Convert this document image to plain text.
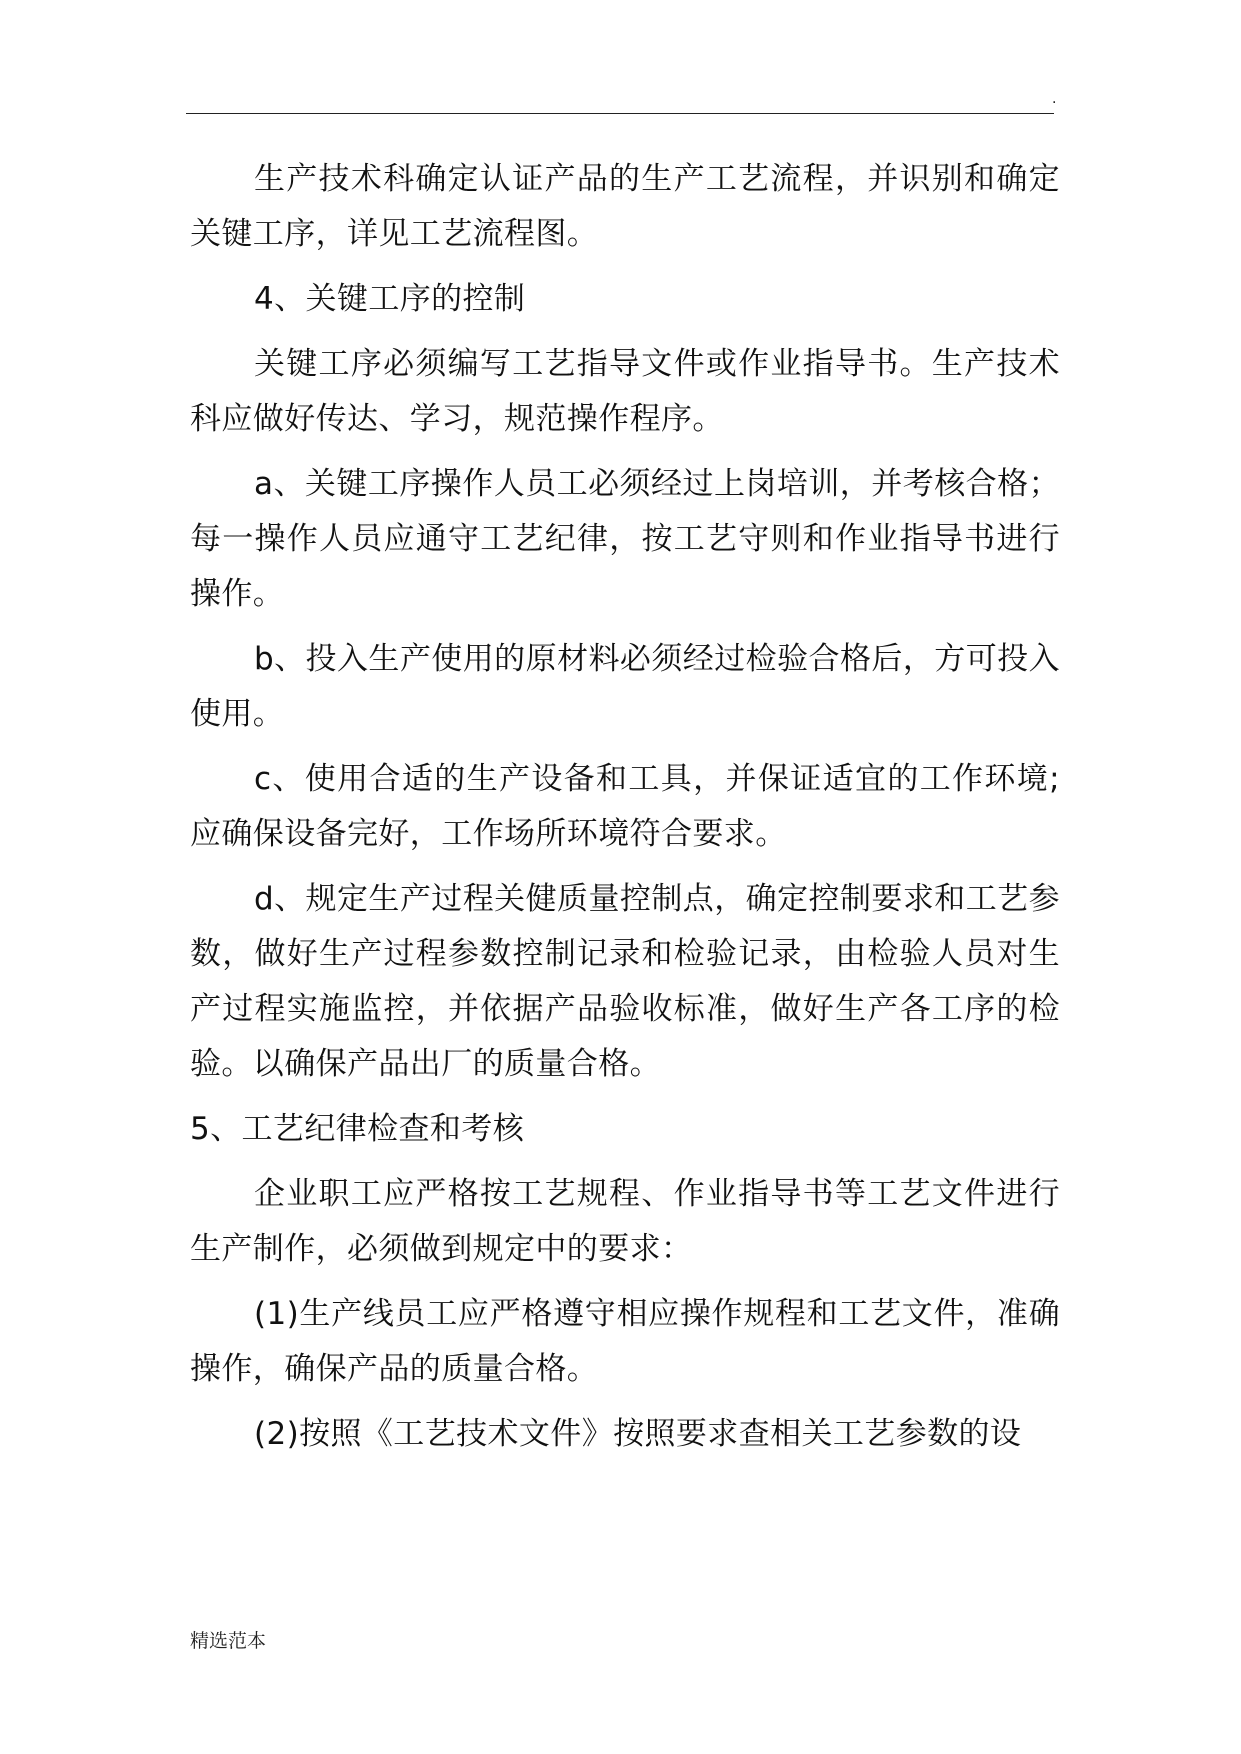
.

生产技术科确定认证产品的生产工艺流程，并识别和确定关键工序，详见工艺流程图。

4、关键工序的控制

关键工序必须编写工艺指导文件或作业指导书。生产技术科应做好传达、学习，规范操作程序。

a、关键工序操作人员工必须经过上岗培训，并考核合格；每一操作人员应通守工艺纪律，按工艺守则和作业指导书进行操作。

b、投入生产使用的原材料必须经过检验合格后，方可投入使用。

c、使用合适的生产设备和工具，并保证适宜的工作环境;应确保设备完好，工作场所环境符合要求。

d、规定生产过程关健质量控制点，确定控制要求和工艺参数，做好生产过程参数控制记录和检验记录，由检验人员对生产过程实施监控，并依据产品验收标准，做好生产各工序的检验。以确保产品出厂的质量合格。

5、工艺纪律检查和考核

企业职工应严格按工艺规程、作业指导书等工艺文件进行生产制作，必须做到规定中的要求：

(1)生产线员工应严格遵守相应操作规程和工艺文件，准确操作，确保产品的质量合格。

(2)按照《工艺技术文件》按照要求查相关工艺参数的设

精选范本
